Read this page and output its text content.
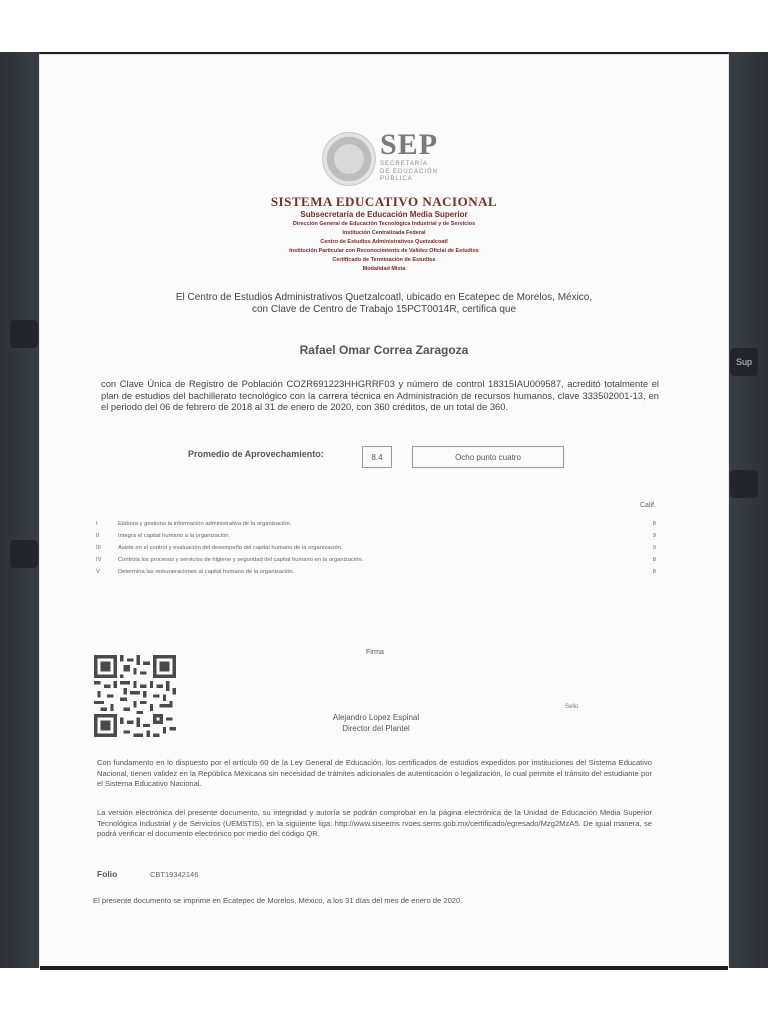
Sup
SEP
SECRETARÍA
DE EDUCACIÓN
PÚBLICA
SISTEMA EDUCATIVO NACIONAL
Subsecretaría de Educación Media Superior
Dirección General de Educación Tecnológica Industrial y de Servicios
Institución Centralizada Federal
Centro de Estudios Administrativos Quetzalcoatl
Institución Particular con Reconocimiento de Validez Oficial de Estudios
Certificado de Terminación de Estudios
Modalidad Mixta
El Centro de Estudios Administrativos Quetzalcoatl, ubicado en Ecatepec de Morelos, México,
con Clave de Centro de Trabajo 15PCT0014R, certifica que
Rafael Omar Correa Zaragoza
con Clave Única de Registro de Población COZR691223HHGRRF03 y número de control 18315IAU009587, acreditó totalmente el plan de estudios del bachillerato tecnológico con la carrera técnica en Administración de recursos humanos, clave 333502001-13, en el periodo del 06 de febrero de 2018 al 31 de enero de 2020, con 360 créditos, de un total de 360.
Promedio de Aprovechamiento:	8.4	Ocho punto cuatro
Calif.
I	Elabora y gestiona la información administrativa de la organización.	8
II	Integra el capital humano a la organización.	9
III	Asiste en el control y evaluación del desempeño del capital humano de la organización.	9
IV	Controla los procesos y servicios de higiene y seguridad del capital humano en la organización.	8
V	Determina las remuneraciones al capital humano de la organización.	8
Firma
Sello
Alejandro Lopez Espinal
Director del Plantel
Con fundamento en lo dispuesto por el artículo 60 de la Ley General de Educación, los certificados de estudios expedidos por instituciones del Sistema Educativo Nacional, tienen validez en la República Mexicana sin necesidad de trámites adicionales de autenticación o legalización, lo cual permite el tránsito del estudiante por el Sistema Educativo Nacional.
La versión electrónica del presente documento, su integridad y autoría se podrán comprobar en la página electrónica de la Unidad de Educación Media Superior Tecnológica Industrial y de Servicios (UEMSTIS), en la siguiente liga: http://www.siseems rvoes.sems.gob.mx/certificado/egresado/Mzg2MzA5. De igual manera, se podrá verificar el documento electrónico por medio del código QR.
Folio	CBT19342146
El presente documento se imprime en Ecatepec de Morelos, México, a los 31 días del mes de enero de 2020.
